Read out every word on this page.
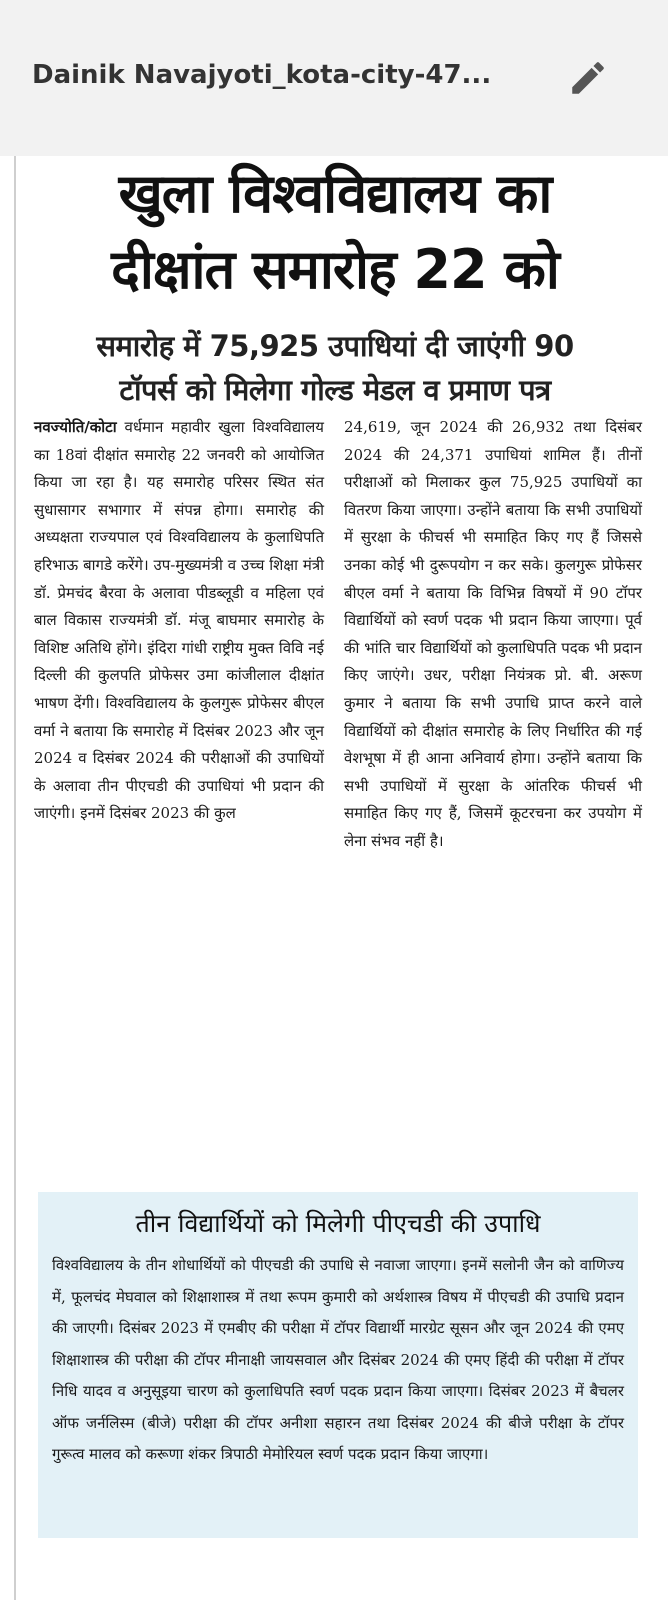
Dainik Navajyoti_kota-city-47...
खुला विश्वविद्यालय का
दीक्षांत समारोह 22 को
समारोह में 75,925 उपाधियां दी जाएंगी 90
टॉपर्स को मिलेगा गोल्ड मेडल व प्रमाण पत्र
नवज्योति/कोटा वर्धमान महावीर खुला विश्वविद्यालय का 18वां दीक्षांत समारोह 22 जनवरी को आयोजित किया जा रहा है। यह समारोह परिसर स्थित संत सुधासागर सभागार में संपन्न होगा। समारोह की अध्यक्षता राज्यपाल एवं विश्वविद्यालय के कुलाधिपति हरिभाऊ बागडे करेंगे। उप-मुख्यमंत्री व उच्च शिक्षा मंत्री डॉ. प्रेमचंद बैरवा के अलावा पीडब्लूडी व महिला एवं बाल विकास राज्यमंत्री डॉ. मंजू बाघमार समारोह के विशिष्ट अतिथि होंगे। इंदिरा गांधी राष्ट्रीय मुक्त विवि नई दिल्ली की कुलपति प्रोफेसर उमा कांजीलाल दीक्षांत भाषण देंगी। विश्वविद्यालय के कुलगुरू प्रोफेसर बीएल वर्मा ने बताया कि समारोह में दिसंबर 2023 और जून 2024 व दिसंबर 2024 की परीक्षाओं की उपाधियों के अलावा तीन पीएचडी की उपाधियां भी प्रदान की जाएंगी। इनमें दिसंबर 2023 की कुल
24,619, जून 2024 की 26,932 तथा दिसंबर 2024 की 24,371 उपाधियां शामिल हैं। तीनों परीक्षाओं को मिलाकर कुल 75,925 उपाधियों का वितरण किया जाएगा। उन्होंने बताया कि सभी उपाधियों में सुरक्षा के फीचर्स भी समाहित किए गए हैं जिससे उनका कोई भी दुरूपयोग न कर सके। कुलगुरू प्रोफेसर बीएल वर्मा ने बताया कि विभिन्न विषयों में 90 टॉपर विद्यार्थियों को स्वर्ण पदक भी प्रदान किया जाएगा। पूर्व की भांति चार विद्यार्थियों को कुलाधिपति पदक भी प्रदान किए जाएंगे। उधर, परीक्षा नियंत्रक प्रो. बी. अरूण कुमार ने बताया कि सभी उपाधि प्राप्त करने वाले विद्यार्थियों को दीक्षांत समारोह के लिए निर्धारित की गई वेशभूषा में ही आना अनिवार्य होगा। उन्होंने बताया कि सभी उपाधियों में सुरक्षा के आंतरिक फीचर्स भी समाहित किए गए हैं, जिसमें कूटरचना कर उपयोग में लेना संभव नहीं है।
तीन विद्यार्थियों को मिलेगी पीएचडी की उपाधि
विश्वविद्यालय के तीन शोधार्थियों को पीएचडी की उपाधि से नवाजा जाएगा। इनमें सलोनी जैन को वाणिज्य में, फूलचंद मेघवाल को शिक्षाशास्त्र में तथा रूपम कुमारी को अर्थशास्त्र विषय में पीएचडी की उपाधि प्रदान की जाएगी। दिसंबर 2023 में एमबीए की परीक्षा में टॉपर विद्यार्थी मारग्रेट सूसन और जून 2024 की एमए शिक्षाशास्त्र की परीक्षा की टॉपर मीनाक्षी जायसवाल और दिसंबर 2024 की एमए हिंदी की परीक्षा में टॉपर निधि यादव व अनुसूइया चारण को कुलाधिपति स्वर्ण पदक प्रदान किया जाएगा। दिसंबर 2023 में बैचलर ऑफ जर्नलिस्म (बीजे) परीक्षा की टॉपर अनीशा सहारन तथा दिसंबर 2024 की बीजे परीक्षा के टॉपर गुरूत्व मालव को करूणा शंकर त्रिपाठी मेमोरियल स्वर्ण पदक प्रदान किया जाएगा।
